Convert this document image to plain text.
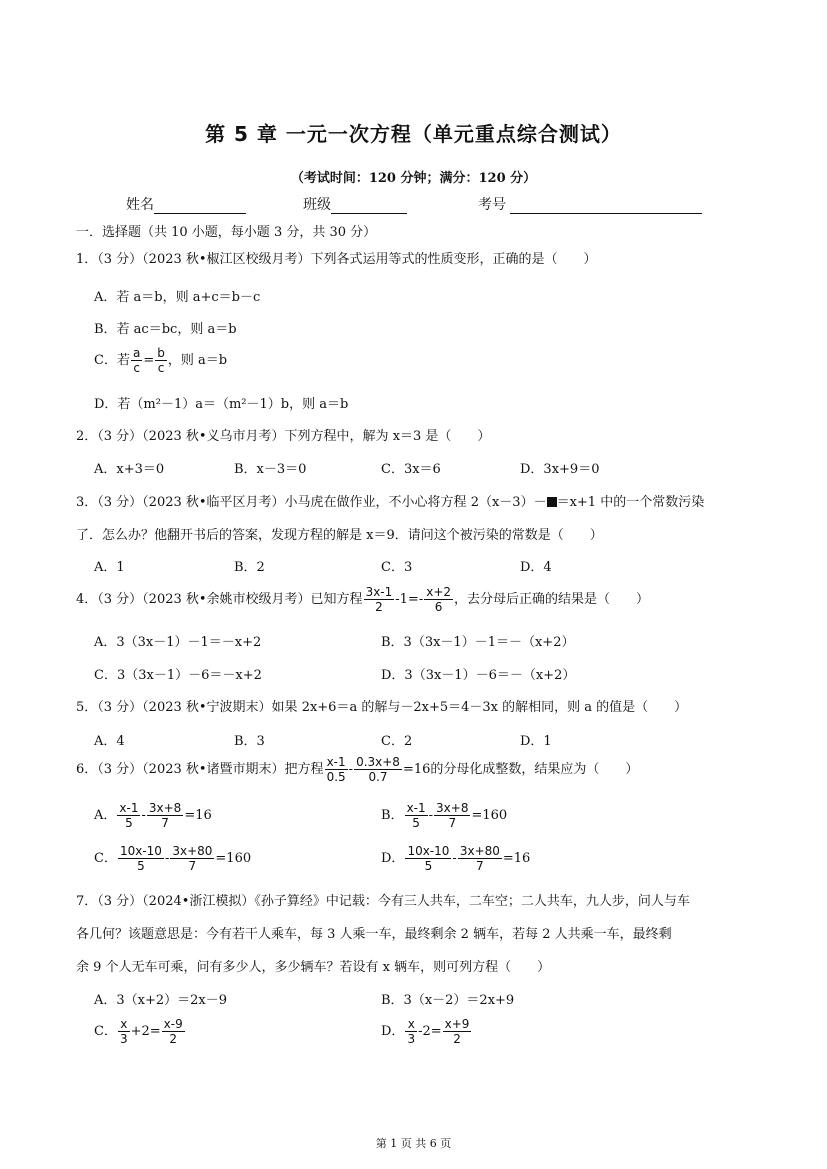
第 5 章 一元一次方程（单元重点综合测试）
（考试时间：120 分钟；满分：120 分）
姓名	班级	考号
一．选择题（共 10 小题，每小题 3 分，共 30 分）
1．（3 分）（2023 秋•椒江区校级月考）下列各式运用等式的性质变形，正确的是（　　）
A．若 a＝b，则 a+c＝b－c
B．若 ac＝bc，则 a＝b
C．若 $\frac{a}{c} = \frac{b}{c}$ ，则 a＝b
D．若（m²－1）a＝（m²－1）b，则 a＝b
2．（3 分）（2023 秋•义乌市月考）下列方程中，解为 x＝3 是（　　）
A．x+3＝0	B．x－3＝0	C．3x＝6	D．3x+9＝0
3．（3 分）（2023 秋•临平区月考）小马虎在做作业，不小心将方程 2（x－3）－ ＝x+1 中的一个常数污染
了．怎么办？他翻开书后的答案，发现方程的解是 x＝9．请问这个被污染的常数是（　　）
A．1	B．2	C．3	D．4
4．（3 分）（2023 秋•余姚市校级月考）已知方程 $\frac{3x-1}{2} -1=- \frac{x+2}{6}$ ，去分母后正确的结果是（　　）
A．3（3x－1）－1＝－x+2	B．3（3x－1）－1＝－（x+2）
C．3（3x－1）－6＝－x+2	D．3（3x－1）－6＝－（x+2）
5．（3 分）（2023 秋•宁波期末）如果 2x+6＝a 的解与－2x+5＝4－3x 的解相同，则 a 的值是（　　）
A．4	B．3	C．2	D．1
6．（3 分）（2023 秋•诸暨市期末）把方程 $\frac{x-1}{0.5} - \frac{0.3x+8}{0.7} =16$的分母化成整数，结果应为（　　）
A． $\frac{x-1}{5} - \frac{3x+8}{7} =16$	B． $\frac{x-1}{5} - \frac{3x+8}{7} =160$
C． $\frac{10x-10}{5} - \frac{3x+80}{7} =160$	D． $\frac{10x-10}{5} - \frac{3x+80}{7} =16$
7．（3 分）（2024•浙江模拟）《孙子算经》中记载：今有三人共车，二车空；二人共车，九人步，问人与车
各几何？该题意思是：今有若干人乘车，每 3 人乘一车，最终剩余 2 辆车，若每 2 人共乘一车，最终剩
余 9 个人无车可乘，问有多少人，多少辆车？若设有 x 辆车，则可列方程（　　）
A．3（x+2）＝2x－9	B．3（x－2）＝2x+9
C． $\frac{x}{3} +2= \frac{x-9}{2}$	D． $\frac{x}{3} -2= \frac{x+9}{2}$
第 1 页 共 6 页
